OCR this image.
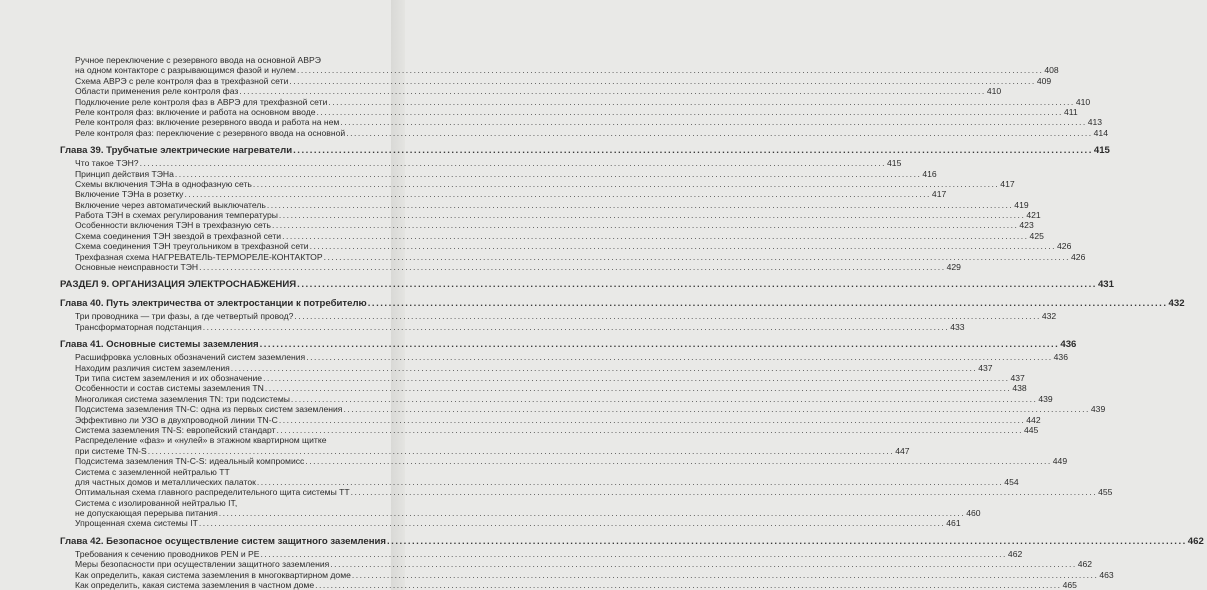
Ручное переключение с резервного ввода на основной АВРЭ
на одном контакторе с разрывающимся фазой и нулем .....	408
Схема АВРЭ с реле контроля фаз в трехфазной сети .....	409
Области применения реле контроля фаз .....	410
Подключение реле контроля фаз в АВРЭ для трехфазной сети .....	410
Реле контроля фаз: включение и работа на основном вводе .....	411
Реле контроля фаз: включение резервного ввода и работа на нем .....	413
Реле контроля фаз: переключение с резервного ввода на основной .....	414
Глава 39. Трубчатые электрические нагреватели .....	415
Что такое ТЭН? .....	415
Принцип действия ТЭНа .....	416
Схемы включения ТЭНа в однофазную сеть .....	417
Включение ТЭНа в розетку .....	417
Включение через автоматический выключатель .....	419
Работа ТЭН в схемах регулирования температуры .....	421
Особенности включения ТЭН в трехфазную сеть .....	423
Схема соединения ТЭН звездой в трехфазной сети .....	425
Схема соединения ТЭН треугольником в трехфазной сети .....	426
Трехфазная схема НАГРЕВАТЕЛЬ-ТЕРМОРЕЛЕ-КОНТАКТОР .....	426
Основные неисправности ТЭН .....	429
РАЗДЕЛ 9. ОРГАНИЗАЦИЯ ЭЛЕКТРОСНАБЖЕНИЯ .....	431
Глава 40. Путь электричества от электростанции к потребителю .....	432
Три проводника — три фазы, а где четвертый провод? .....	432
Трансформаторная подстанция .....	433
Глава 41. Основные системы заземления .....	436
Расшифровка условных обозначений систем заземления .....	436
Находим различия систем заземления .....	437
Три типа систем заземления и их обозначение .....	437
Особенности и состав системы заземления TN .....	438
Многоликая система заземления TN: три подсистемы .....	439
Подсистема заземления TN-C: одна из первых систем заземления .....	439
Эффективно ли УЗО в двухпроводной линии TN-C .....	442
Система заземления TN-S: европейский стандарт .....	445
Распределение «фаз» и «нулей» в этажном квартирном щитке
при системе TN-S .....	447
Подсистема заземления TN-C-S: идеальный компромисс .....	449
Система с заземленной нейтралью TT
для частных домов и металлических палаток .....	454
Оптимальная схема главного распределительного щита системы TT .....	455
Система с изолированной нейтралью IT,
не допускающая перерыва питания .....	460
Упрощенная схема системы IT .....	461
Глава 42. Безопасное осуществление систем защитного заземления .....	462
Требования к сечению проводников PEN и PE .....	462
Меры безопасности при осуществлении защитного заземления .....	462
Как определить, какая система заземления в многоквартирном доме .....	463
Как определить, какая система заземления в частном доме .....	465
